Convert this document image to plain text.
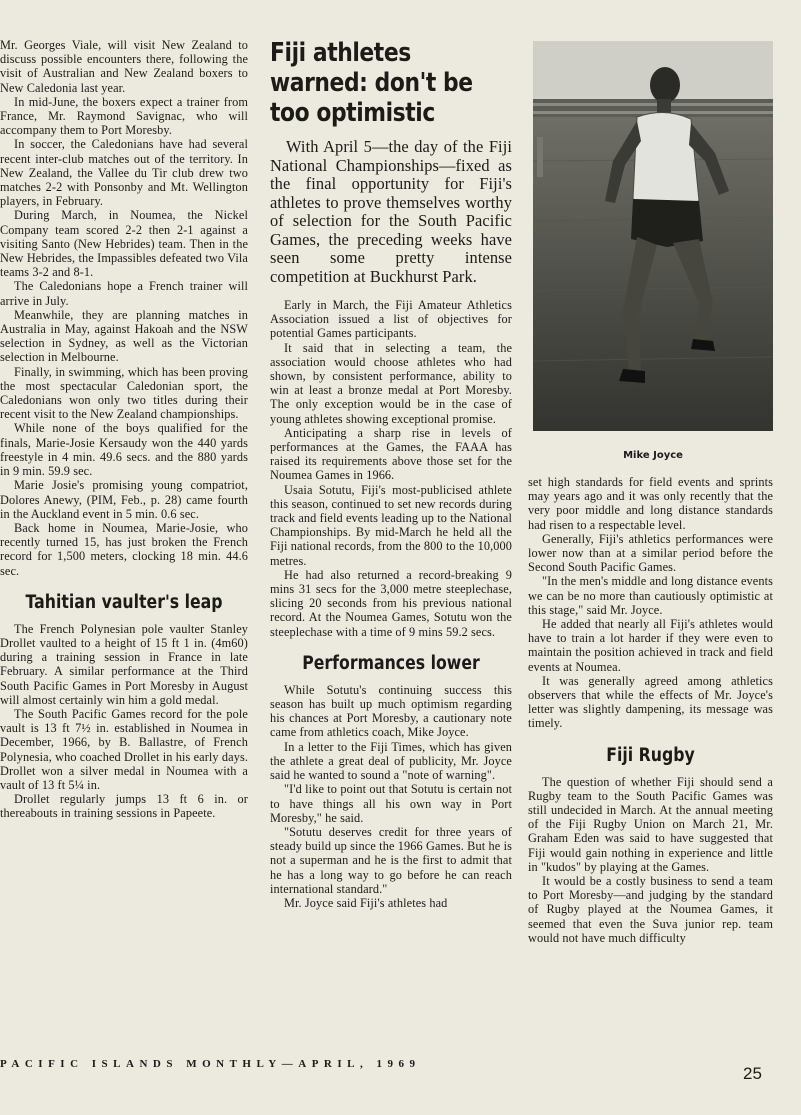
Mr. Georges Viale, will visit New Zealand to discuss possible encounters there, following the visit of Australian and New Zealand boxers to New Caledonia last year.

In mid-June, the boxers expect a trainer from France, Mr. Raymond Savignac, who will accompany them to Port Moresby.

In soccer, the Caledonians have had several recent inter-club matches out of the territory. In New Zealand, the Vallee du Tir club drew two matches 2-2 with Ponsonby and Mt. Wellington players, in February.

During March, in Noumea, the Nickel Company team scored 2-2 then 2-1 against a visiting Santo (New Hebrides) team. Then in the New Hebrides, the Impassibles defeated two Vila teams 3-2 and 8-1.

The Caledonians hope a French trainer will arrive in July.

Meanwhile, they are planning matches in Australia in May, against Hakoah and the NSW selection in Sydney, as well as the Victorian selection in Melbourne.

Finally, in swimming, which has been proving the most spectacular Caledonian sport, the Caledonians won only two titles during their recent visit to the New Zealand championships.

While none of the boys qualified for the finals, Marie-Josie Kersaudy won the 440 yards freestyle in 4 min. 49.6 secs. and the 880 yards in 9 min. 59.9 sec.

Marie Josie's promising young compatriot, Dolores Anewy, (PIM, Feb., p. 28) came fourth in the Auckland event in 5 min. 0.6 sec.

Back home in Noumea, Marie-Josie, who recently turned 15, has just broken the French record for 1,500 meters, clocking 18 min. 44.6 sec.

Tahitian vaulter's leap

The French Polynesian pole vaulter Stanley Drollet vaulted to a height of 15 ft 1 in. (4m60) during a training session in France in late February. A similar performance at the Third South Pacific Games in Port Moresby in August will almost certainly win him a gold medal.

The South Pacific Games record for the pole vault is 13 ft 7½ in. established in Noumea in December, 1966, by B. Ballastre, of French Polynesia, who coached Drollet in his early days. Drollet won a silver medal in Noumea with a vault of 13 ft 5¼ in.

Drollet regularly jumps 13 ft 6 in. or thereabouts in training sessions in Papeete.

Fiji athletes warned: don't be too optimistic

With April 5—the day of the Fiji National Championships—fixed as the final opportunity for Fiji's athletes to prove themselves worthy of selection for the South Pacific Games, the preceding weeks have seen some pretty intense competition at Buckhurst Park.

Early in March, the Fiji Amateur Athletics Association issued a list of objectives for potential Games participants.

It said that in selecting a team, the association would choose athletes who had shown, by consistent performance, ability to win at least a bronze medal at Port Moresby. The only exception would be in the case of young athletes showing exceptional promise.

Anticipating a sharp rise in levels of performances at the Games, the FAAA has raised its requirements above those set for the Noumea Games in 1966.

Usaia Sotutu, Fiji's most-publicised athlete this season, continued to set new records during track and field events leading up to the National Championships. By mid-March he held all the Fiji national records, from the 800 to the 10,000 metres.

He had also returned a record-breaking 9 mins 31 secs for the 3,000 metre steeplechase, slicing 20 seconds from his previous national record. At the Noumea Games, Sotutu won the steeplechase with a time of 9 mins 59.2 secs.

Performances lower

While Sotutu's continuing success this season has built up much optimism regarding his chances at Port Moresby, a cautionary note came from athletics coach, Mike Joyce.

In a letter to the Fiji Times, which has given the athlete a great deal of publicity, Mr. Joyce said he wanted to sound a "note of warning".

"I'd like to point out that Sotutu is certain not to have things all his own way in Port Moresby," he said.

"Sotutu deserves credit for three years of steady build up since the 1966 Games. But he is not a superman and he is the first to admit that he has a long way to go before he can reach international standard."

Mr. Joyce said Fiji's athletes had

Mike Joyce

set high standards for field events and sprints may years ago and it was only recently that the very poor middle and long distance standards had risen to a respectable level.

Generally, Fiji's athletics performances were lower now than at a similar period before the Second South Pacific Games.

"In the men's middle and long distance events we can be no more than cautiously optimistic at this stage," said Mr. Joyce.

He added that nearly all Fiji's athletes would have to train a lot harder if they were even to maintain the position achieved in track and field events at Noumea.

It was generally agreed among athletics observers that while the effects of Mr. Joyce's letter was slightly dampening, its message was timely.

Fiji Rugby

The question of whether Fiji should send a Rugby team to the South Pacific Games was still undecided in March. At the annual meeting of the Fiji Rugby Union on March 21, Mr. Graham Eden was said to have suggested that Fiji would gain nothing in experience and little in "kudos" by playing at the Games.

It would be a costly business to send a team to Port Moresby—and judging by the standard of Rugby played at the Noumea Games, it seemed that even the Suva junior rep. team would not have much difficulty

PACIFIC ISLANDS MONTHLY—APRIL, 1969	25
